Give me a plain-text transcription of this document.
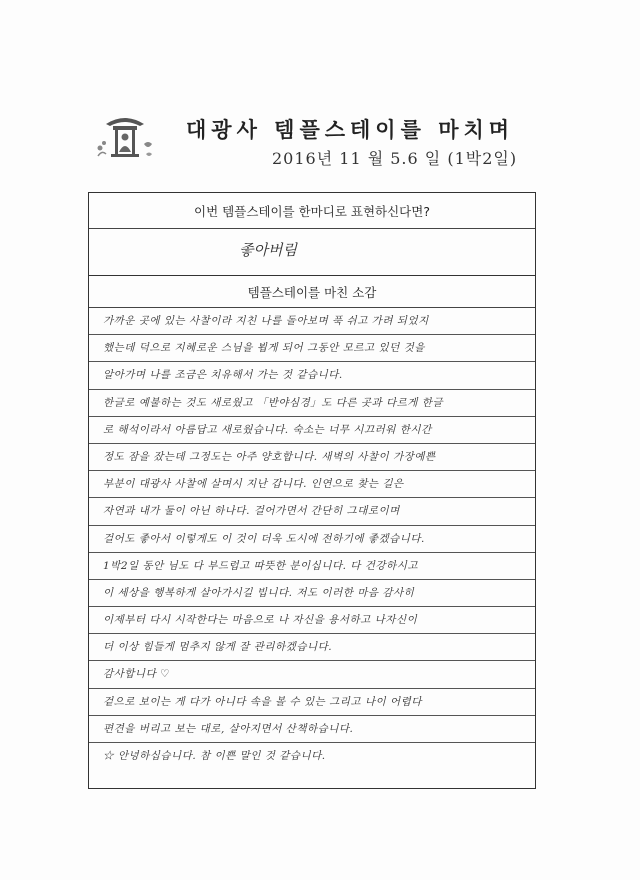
대광사 템플스테이를 마치며
2016년 11 월 5.6 일 (1박2일)
이번 템플스테이를 한마디로 표현하신다면?
좋아버림
템플스테이를 마친 소감
가까운 곳에 있는 사찰이라 지친 나를 돌아보며 푹 쉬고 가려 되었지
했는데 덕으로 지혜로운 스님을 뵙게 되어 그동안 모르고 있던 것을
알아가며 나를 조금은 치유해서 가는 것 같습니다.
한글로 예불하는 것도 새로웠고 「반야심경」도 다른 곳과 다르게 한글
로 해석이라서 아름답고 새로웠습니다. 숙소는 너무 시끄러워 한시간
정도 잠을 잤는데 그정도는 아주 양호합니다. 새벽의 사찰이 가장예쁜
부분이 대광사 사찰에 살며시 지난 갑니다. 인연으로 찾는 길은
자연과 내가 둘이 아닌 하나다. 걸어가면서 간단히 그대로이며
걸어도 좋아서 이렇게도 이 것이 더욱 도시에 전하기에 좋겠습니다.
1박2일 동안 님도 다 부드럽고 따뜻한 분이십니다. 다 건강하시고
이 세상을 행복하게 살아가시길 빕니다. 저도 이러한 마음 감사히
이제부터 다시 시작한다는 마음으로 나 자신을 용서하고 나자신이
더 이상 힘들게 멈추지 않게 잘 관리하겠습니다.
감사합니다 ♡
겉으로 보이는 게 다가 아니다 속을 볼 수 있는 그리고 나이 어렵다
편견을 버리고 보는 대로, 살아지면서 산책하습니다.
☆ 안녕하십습니다. 참 이쁜 말인 것 같습니다.
